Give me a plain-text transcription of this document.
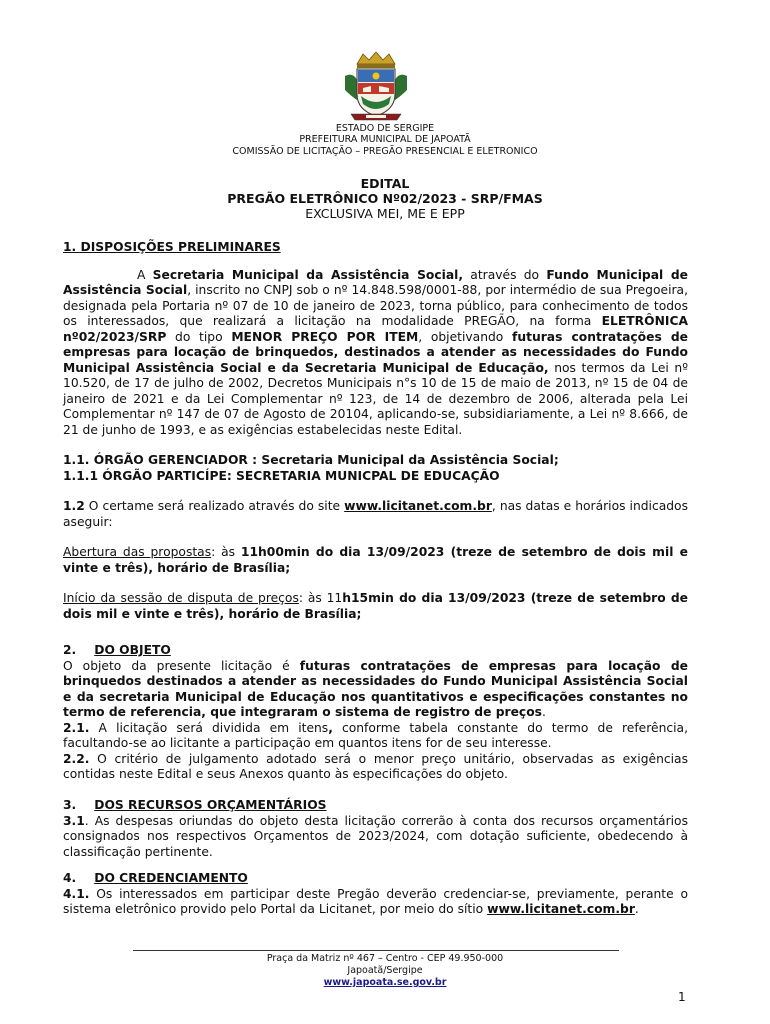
ESTADO DE SERGIPE
PREFEITURA MUNICIPAL DE JAPOATÃ
COMISSÃO DE LICITAÇÃO – PREGÃO PRESENCIAL E ELETRONICO
EDITAL
PREGÃO ELETRÔNICO Nº02/2023 - SRP/FMAS
EXCLUSIVA MEI, ME E EPP

1. DISPOSIÇÕES PRELIMINARES

A Secretaria Municipal da Assistência Social, através do Fundo Municipal de Assistência Social, inscrito no CNPJ sob o nº 14.848.598/0001-88, por intermédio de sua Pregoeira, designada pela Portaria nº 07 de 10 de janeiro de 2023, torna público, para conhecimento de todos os interessados, que realizará a licitação na modalidade PREGÃO, na forma ELETRÔNICA nº02/2023/SRP do tipo MENOR PREÇO POR ITEM, objetivando futuras contratações de empresas para locação de brinquedos, destinados a atender as necessidades do Fundo Municipal Assistência Social e da Secretaria Municipal de Educação, nos termos da Lei nº 10.520, de 17 de julho de 2002, Decretos Municipais n°s 10 de 15 de maio de 2013, nº 15 de 04 de janeiro de 2021 e da Lei Complementar nº 123, de 14 de dezembro de 2006, alterada pela Lei Complementar nº 147 de 07 de Agosto de 20104, aplicando-se, subsidiariamente, a Lei nº 8.666, de 21 de junho de 1993, e as exigências estabelecidas neste Edital.

1.1. ÓRGÃO GERENCIADOR : Secretaria Municipal da Assistência Social;

1.1.1 ÓRGÃO PARTICÍPE: SECRETARIA MUNICPAL DE EDUCAÇÃO

1.2 O certame será realizado através do site www.licitanet.com.br, nas datas e horários indicados aseguir:

Abertura das propostas: às 11h00min do dia 13/09/2023 (treze de setembro de dois mil e vinte e três), horário de Brasília;

Início da sessão de disputa de preços: às 11h15min do dia 13/09/2023 (treze de setembro de dois mil e vinte e três), horário de Brasília;

2. DO OBJETO

O objeto da presente licitação é futuras contratações de empresas para locação de brinquedos destinados a atender as necessidades do Fundo Municipal Assistência Social e da secretaria Municipal de Educação nos quantitativos e especificações constantes no termo de referencia, que integraram o sistema de registro de preços.

2.1. A licitação será dividida em itens, conforme tabela constante do termo de referência, facultando-se ao licitante a participação em quantos itens for de seu interesse.

2.2. O critério de julgamento adotado será o menor preço unitário, observadas as exigências contidas neste Edital e seus Anexos quanto às especificações do objeto.

3. DOS RECURSOS ORÇAMENTÁRIOS

3.1. As despesas oriundas do objeto desta licitação correrão à conta dos recursos orçamentários consignados nos respectivos Orçamentos de 2023/2024, com dotação suficiente, obedecendo à classificação pertinente.

4. DO CREDENCIAMENTO

4.1. Os interessados em participar deste Pregão deverão credenciar-se, previamente, perante o sistema eletrônico provido pelo Portal da Licitanet, por meio do sítio www.licitanet.com.br.

Praça da Matriz nº 467 – Centro - CEP 49.950-000
Japoatã/Sergipe
www.japoata.se.gov.br
1
